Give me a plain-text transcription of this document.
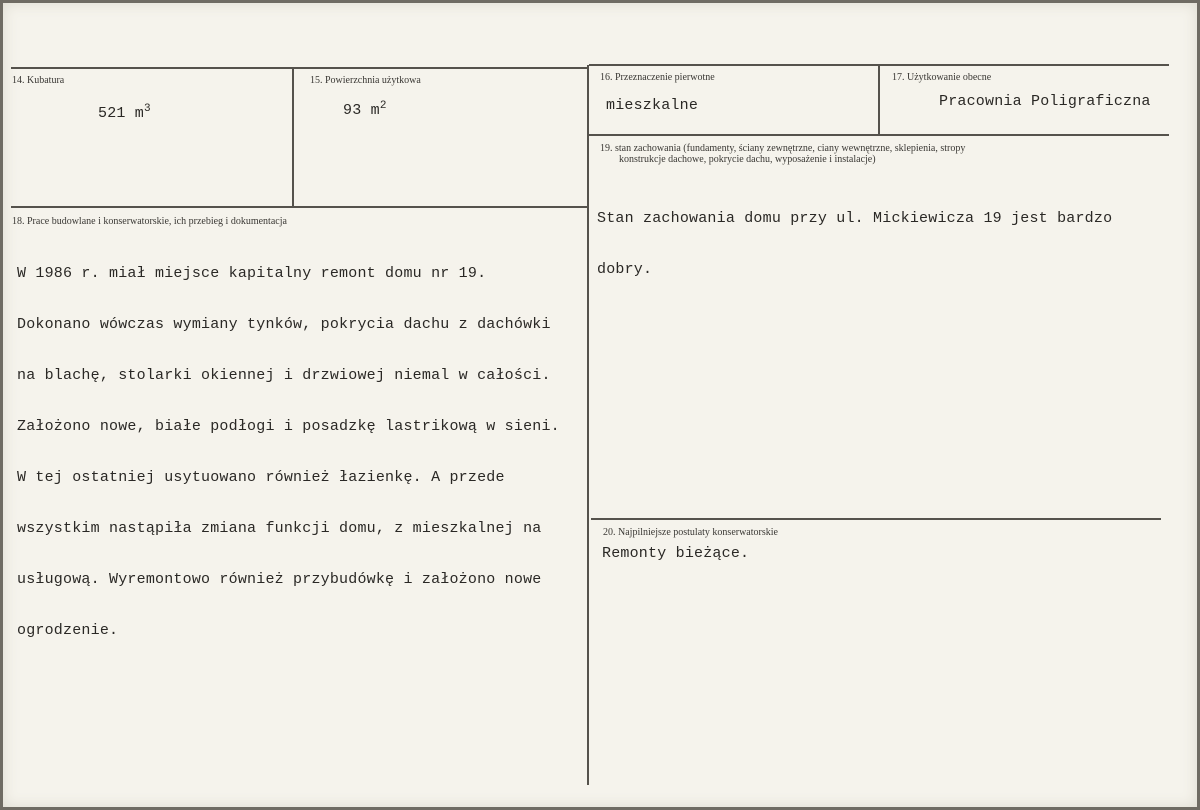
14. Kubatura
521 $m^3$
15. Powierzchnia użytkowa
93 $m^2$
16. Przeznaczenie pierwotne
mieszkalne
17. Użytkowanie obecne
Pracownia Poligraficzna
18. Prace budowlane i konserwatorskie, ich przebieg i dokumentacja

W 1986 r. miał miejsce kapitalny remont domu nr 19.

Dokonano wówczas wymiany tynków, pokrycia dachu z dachówki

na blachę, stolarki okiennej i drzwiowej niemal w całości.

Założono nowe, białe podłogi i posadzkę lastrikową w sieni.

W tej ostatniej usytuowano również łazienkę. A przede

wszystkim nastąpiła zmiana funkcji domu, z mieszkalnej na

usługową. Wyremontowo również przybudówkę i założono nowe

ogrodzenie.

19. stan zachowania (fundamenty, ściany zewnętrzne, ciany wewnętrzne, sklepienia, stropy
konstrukcje dachowe, pokrycie dachu, wyposażenie i instalacje)

Stan zachowania domu przy ul. Mickiewicza 19 jest bardzo

dobry.

20. Najpilniejsze postulaty konserwatorskie
Remonty bieżące.
